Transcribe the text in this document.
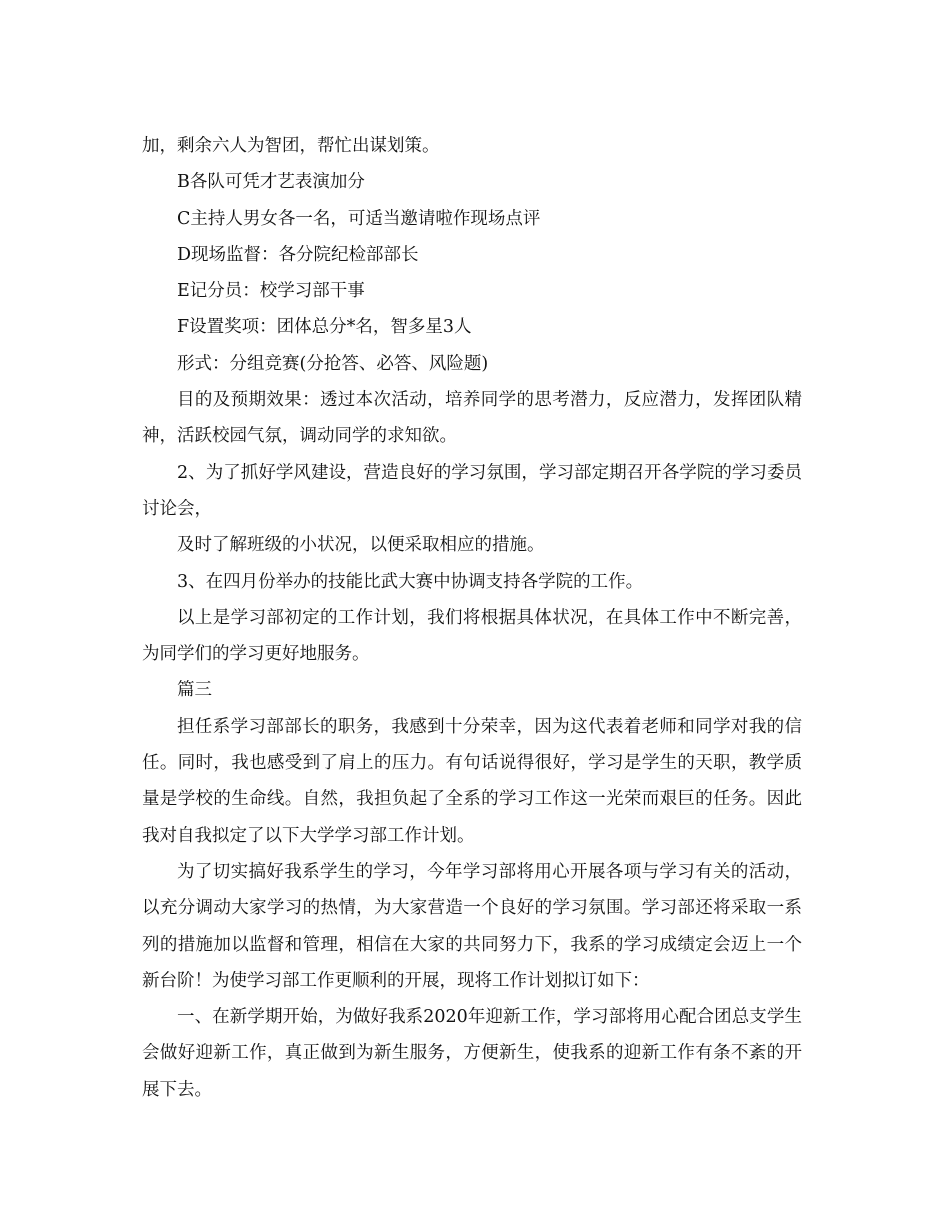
加，剩余六人为智团，帮忙出谋划策。
B各队可凭才艺表演加分
C主持人男女各一名，可适当邀请啦作现场点评
D现场监督：各分院纪检部部长
E记分员：校学习部干事
F设置奖项：团体总分*名，智多星3人
形式：分组竞赛(分抢答、必答、风险题)

目的及预期效果：透过本次活动，培养同学的思考潜力，反应潜力，发挥团队精神，活跃校园气氛，调动同学的求知欲。

2、为了抓好学风建设，营造良好的学习氛围，学习部定期召开各学院的学习委员讨论会，

及时了解班级的小状况，以便采取相应的措施。
3、在四月份举办的技能比武大赛中协调支持各学院的工作。

以上是学习部初定的工作计划，我们将根据具体状况，在具体工作中不断完善，为同学们的学习更好地服务。

篇三

担任系学习部部长的职务，我感到十分荣幸，因为这代表着老师和同学对我的信任。同时，我也感受到了肩上的压力。有句话说得很好，学习是学生的天职，教学质量是学校的生命线。自然，我担负起了全系的学习工作这一光荣而艰巨的任务。因此我对自我拟定了以下大学学习部工作计划。

为了切实搞好我系学生的学习，今年学习部将用心开展各项与学习有关的活动，以充分调动大家学习的热情，为大家营造一个良好的学习氛围。学习部还将采取一系列的措施加以监督和管理，相信在大家的共同努力下，我系的学习成绩定会迈上一个新台阶！为使学习部工作更顺利的开展，现将工作计划拟订如下：

一、在新学期开始，为做好我系2020年迎新工作，学习部将用心配合团总支学生会做好迎新工作，真正做到为新生服务，方便新生，使我系的迎新工作有条不紊的开展下去。
